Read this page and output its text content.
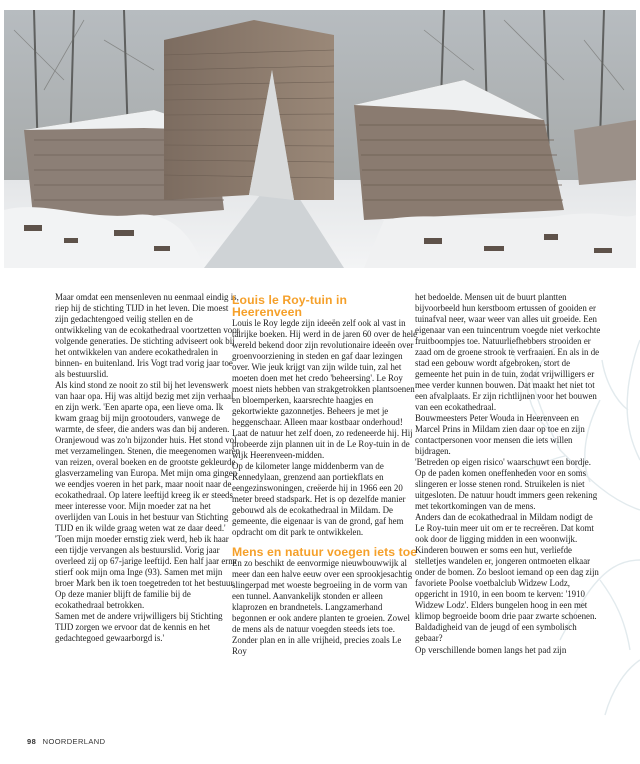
Maar omdat een mensenleven nu eenmaal eindig is, riep hij de stichting TIJD in het leven. Die moest zijn gedachtengoed veilig stellen en de ontwikkeling van de ecokathedraal voortzetten voor volgende generaties. De stichting adviseert ook bij het ontwikkelen van andere ecokathedralen in binnen- en buitenland. Iris Vogt trad vorig jaar toe als bestuurslid.

Als kind stond ze nooit zo stil bij het levenswerk van haar opa. Hij was altijd bezig met zijn verhaal en zijn werk. 'Een aparte opa, een lieve oma. Ik kwam graag bij mijn grootouders, vanwege de warmte, de sfeer, die anders was dan bij anderen. Oranjewoud was zo'n bijzonder huis. Het stond vol met verzamelingen. Stenen, die meegenomen waren van reizen, overal boeken en de grootste gekleurde glasverzameling van Europa. Met mijn oma gingen we eendjes voeren in het park, maar nooit naar de ecokathedraal. Op latere leeftijd kreeg ik er steeds meer interesse voor. Mijn moeder zat na het overlijden van Louis in het bestuur van Stichting TIJD en ik wilde graag weten wat ze daar deed.'

'Toen mijn moeder ernstig ziek werd, heb ik haar een tijdje vervangen als bestuurslid. Vorig jaar overleed zij op 67-jarige leeftijd. Een half jaar erna stierf ook mijn oma Inge (93). Samen met mijn broer Mark ben ik toen toegetreden tot het bestuur. Op deze manier blijft de familie bij de ecokathedraal betrokken.

Samen met de andere vrijwilligers bij Stichting TIJD zorgen we ervoor dat de kennis en het gedachtegoed gewaarborgd is.'

Louis le Roy-tuin in Heerenveen

Louis le Roy legde zijn ideeën zelf ook al vast in talrijke boeken. Hij werd in de jaren 60 over de hele wereld bekend door zijn revolutionaire ideeën over groenvoorziening in steden en gaf daar lezingen over. Wie jeuk krijgt van zijn wilde tuin, zal het moeten doen met het credo 'beheersing'. Le Roy moest niets hebben van strakgetrokken plantsoenen en bloemperken, kaarsrechte haagjes en gekortwiekte gazonnetjes. Beheers je met je heggenschaar. Alleen maar kostbaar onderhoud! Laat de natuur het zelf doen, zo redeneerde hij. Hij probeerde zijn plannen uit in de Le Roy-tuin in de wijk Heerenveen-midden.

Op de kilometer lange middenberm van de Kennedylaan, grenzend aan portiekflats en eengezinswoningen, creëerde hij in 1966 een 20 meter breed stadspark. Het is op dezelfde manier gebouwd als de ecokathedraal in Mildam. De gemeente, die eigenaar is van de grond, gaf hem opdracht om dit park te ontwikkelen.

Mens en natuur voegen iets toe

En zo beschikt de eenvormige nieuwbouwwijk al meer dan een halve eeuw over een sprookjesachtig slingerpad met woeste begroeiing in de vorm van een tunnel. Aanvankelijk stonden er alleen klaprozen en brandnetels. Langzamerhand begonnen er ook andere planten te groeien. Zowel de mens als de natuur voegden steeds iets toe. Zonder plan en in alle vrijheid, precies zoals Le Roy

het bedoelde. Mensen uit de buurt plantten bijvoorbeeld hun kerstboom ertussen of gooiden er tuinafval neer, waar weer van alles uit groeide. Een eigenaar van een tuincentrum voegde niet verkochte fruitboompjes toe. Natuurliefhebbers strooiden er zaad om de groene strook te verfraaien. En als in de stad een gebouw wordt afgebroken, stort de gemeente het puin in de tuin, zodat vrijwilligers er mee verder kunnen bouwen. Dat maakt het niet tot een afvalplaats. Er zijn richtlijnen voor het bouwen van een ecokathedraal.

Bouwmeesters Peter Wouda in Heerenveen en Marcel Prins in Mildam zien daar op toe en zijn contactpersonen voor mensen die iets willen bijdragen.

'Betreden op eigen risico' waarschuwt een bordje. Op de paden komen oneffenheden voor en soms slingeren er losse stenen rond. Struikelen is niet uitgesloten. De natuur houdt immers geen rekening met tekortkomingen van de mens.

Anders dan de ecokathedraal in Mildam nodigt de Le Roy-tuin meer uit om er te recreëren. Dat komt ook door de ligging midden in een woonwijk. Kinderen bouwen er soms een hut, verliefde stelletjes wandelen er, jongeren ontmoeten elkaar onder de bomen. Zo besloot iemand op een dag zijn favoriete Poolse voetbalclub Widzew Lodz, opgericht in 1910, in een boom te kerven: '1910 Widzew Lodz'. Elders bungelen hoog in een met klimop begroeide boom drie paar zwarte schoenen. Baldadigheid van de jeugd of een symbolisch gebaar?

Op verschillende bomen langs het pad zijn

98 NOORDERLAND
